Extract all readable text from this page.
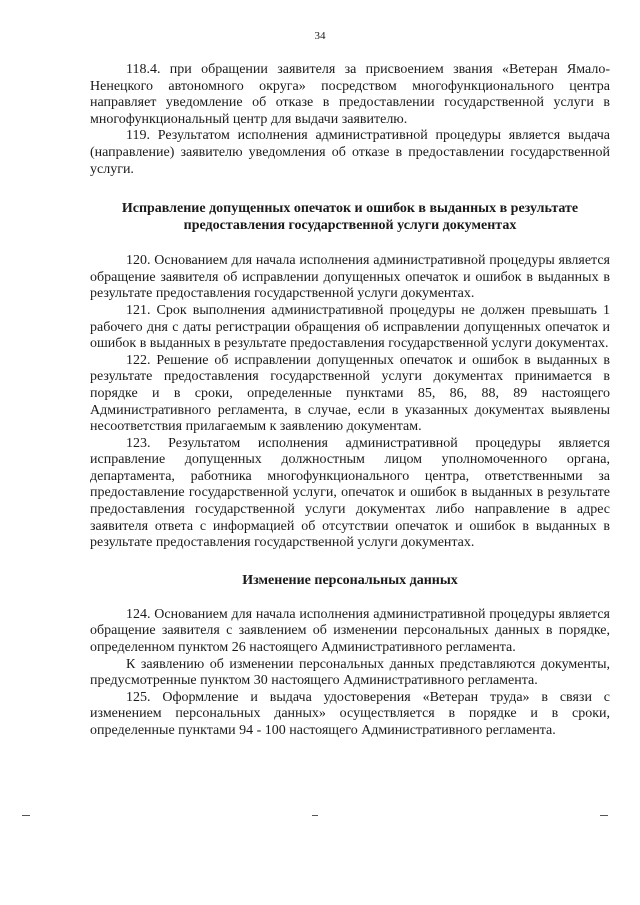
34

118.4. при обращении заявителя за присвоением звания «Ветеран Ямало-Ненецкого автономного округа» посредством многофункционального центра направляет уведомление об отказе в предоставлении государственной услуги в многофункциональный центр для выдачи заявителю.

119. Результатом исполнения административной процедуры является выдача (направление) заявителю уведомления об отказе в предоставлении государственной услуги.

Исправление допущенных опечаток и ошибок в выданных в результате предоставления государственной услуги документах

120. Основанием для начала исполнения административной процедуры является обращение заявителя об исправлении допущенных опечаток и ошибок в выданных в результате предоставления государственной услуги документах.

121. Срок выполнения административной процедуры не должен превышать 1 рабочего дня с даты регистрации обращения об исправлении допущенных опечаток и ошибок в выданных в результате предоставления государственной услуги документах.

122. Решение об исправлении допущенных опечаток и ошибок в выданных в результате предоставления государственной услуги документах принимается в порядке и в сроки, определенные пунктами 85, 86, 88, 89 настоящего Административного регламента, в случае, если в указанных документах выявлены несоответствия прилагаемым к заявлению документам.

123. Результатом исполнения административной процедуры является исправление допущенных должностным лицом уполномоченного органа, департамента, работника многофункционального центра, ответственными за предоставление государственной услуги, опечаток и ошибок в выданных в результате предоставления государственной услуги документах либо направление в адрес заявителя ответа с информацией об отсутствии опечаток и ошибок в выданных в результате предоставления государственной услуги документах.

Изменение персональных данных

124. Основанием для начала исполнения административной процедуры является обращение заявителя с заявлением об изменении персональных данных в порядке, определенном пунктом 26 настоящего Административного регламента.

К заявлению об изменении персональных данных представляются документы, предусмотренные пунктом 30 настоящего Административного регламента.

125. Оформление и выдача удостоверения «Ветеран труда» в связи с изменением персональных данных» осуществляется в порядке и в сроки, определенные пунктами 94 - 100 настоящего Административного регламента.
